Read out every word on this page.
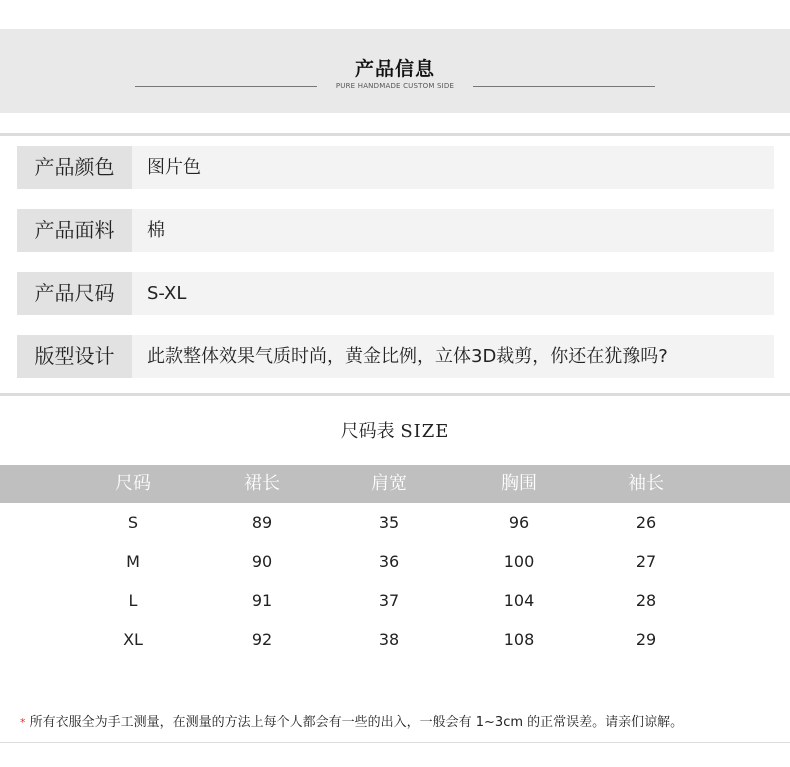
产品信息
PURE HANDMADE CUSTOM SIDE
产品颜色	图片色
产品面料	棉
产品尺码	S-XL
版型设计	此款整体效果气质时尚，黄金比例，立体3D裁剪，你还在犹豫吗?
尺码表 SIZE
尺码	裙长	肩宽	胸围	袖长
S	89	35	96	26
M	90	36	100	27
L	91	37	104	28
XL	92	38	108	29
* 所有衣服全为手工测量，在测量的方法上每个人都会有一些的出入，一般会有 1~3cm 的正常误差。请亲们谅解。
